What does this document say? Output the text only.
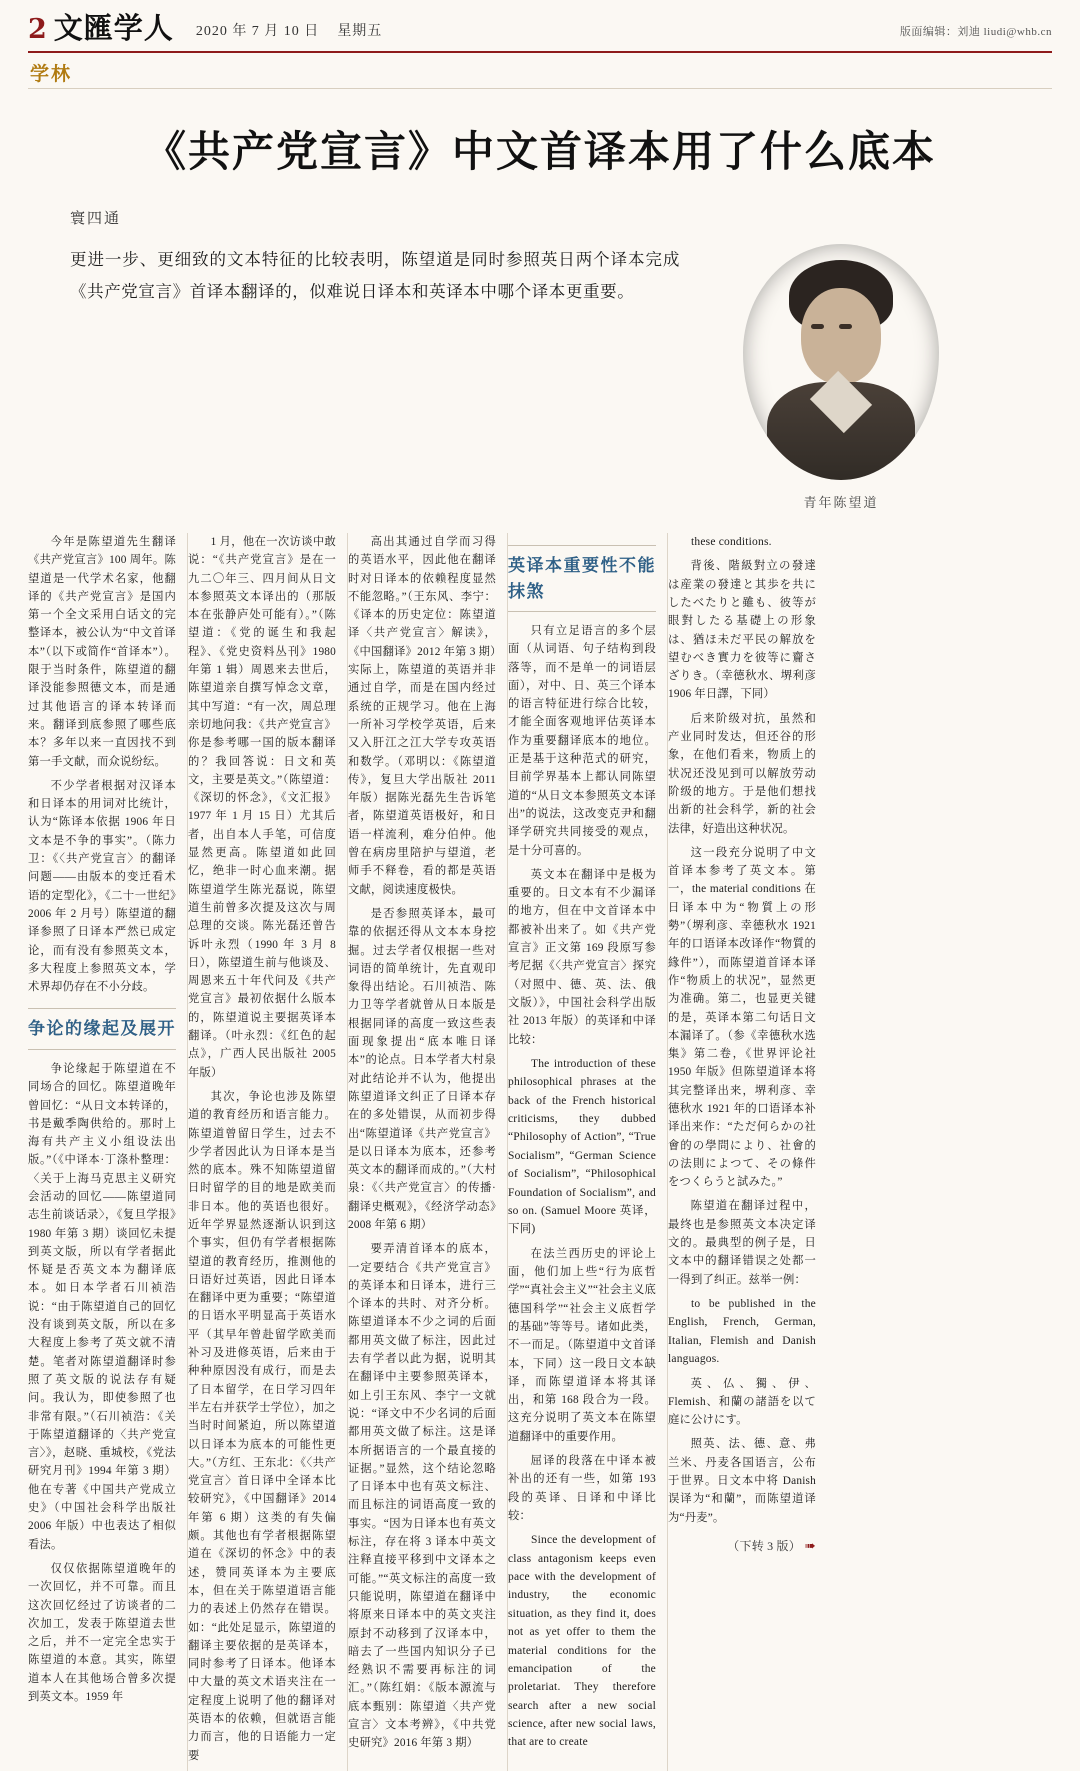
2 文匯学人 2020 年 7 月 10 日 星期五	版面编辑：刘迪 liudi@whb.cn
学林
《共产党宣言》中文首译本用了什么底本
寰四通
更进一步、更细致的文本特征的比较表明，陈望道是同时参照英日两个译本完成《共产党宣言》首译本翻译的，似难说日译本和英译本中哪个译本更重要。
青年陈望道

今年是陈望道先生翻译《共产党宣言》100 周年。陈望道是一代学术名家，他翻译的《共产党宣言》是国内第一个全文采用白话文的完整译本，被公认为“中文首译本”（以下或简作“首译本”）。限于当时条件，陈望道的翻译没能参照德文本，而是通过其他语言的译本转译而来。翻译到底参照了哪些底本？多年以来一直因找不到第一手文献，而众说纷纭。

不少学者根据对汉译本和日译本的用词对比统计，认为“陈译本依据 1906 年日文本是不争的事实”。（陈力卫：《〈共产党宣言〉的翻译问题——由版本的变迁看术语的定型化》，《二十一世纪》2006 年 2 月号）陈望道的翻译参照了日译本严然已成定论，而有没有参照英文本，多大程度上参照英文本，学术界却仍存在不小分歧。

争论的缘起及展开

争论缘起于陈望道在不同场合的回忆。陈望道晚年曾回忆：“从日文本转译的，书是戴季陶供给的。那时上海有共产主义小组设法出版。”（《中译本·丁涤朴整理：〈关于上海马克思主义研究会活动的回忆——陈望道同志生前谈话录〉，《复旦学报》1980 年第 3 期）谈回忆未提到英文版，所以有学者据此怀疑是否英文本为翻译底本。如日本学者石川祯浩说：“由于陈望道自己的回忆没有谈到英文版，所以在多大程度上参考了英文就不清楚。笔者对陈望道翻译时参照了英文版的说法存有疑问。我认为，即使参照了也非常有限。”（石川祯浩：《关于陈望道翻译的〈共产党宣言〉》，赵晓、重城校，《党法研究月刊》1994 年第 3 期）他在专著《中国共产党成立史》（中国社会科学出版社 2006 年版）中也表达了相似看法。

仅仅依据陈望道晚年的一次回忆，并不可靠。而且这次回忆经过了访谈者的二次加工，发表于陈望道去世之后，并不一定完全忠实于陈望道的本意。其实，陈望道本人在其他场合曾多次提到英文本。1959 年

1 月，他在一次访谈中敢说：“《共产党宣言》是在一九二〇年三、四月间从日文本参照英文本译出的（那版本在张静庐处可能有）。”（陈望道：《党的诞生和我起程》、《党史资料丛刊》1980 年第 1 辑）周恩来去世后，陈望道亲自撰写悼念文章，其中写道：“有一次，周总理亲切地问我：《共产党宣言》你是参考哪一国的版本翻译的？我回答说：日文和英文，主要是英文。”（陈望道：《深切的怀念》，《文汇报》1977 年 1 月 15 日）尤其后者，出自本人手笔，可信度显然更高。陈望道如此回忆，绝非一时心血来潮。据陈望道学生陈光磊说，陈望道生前曾多次提及这次与周总理的交谈。陈光磊还曾告诉叶永烈（1990 年 3 月 8 日），陈望道生前与他谈及、周恩来五十年代问及《共产党宣言》最初依据什么版本的，陈望道说主要据英译本翻译。（叶永烈：《红色的起点》，广西人民出版社 2005 年版）

其次，争论也涉及陈望道的教育经历和语言能力。陈望道曾留日学生，过去不少学者因此认为日译本是当然的底本。殊不知陈望道留日时留学的目的地是欧美而非日本。他的英语也很好。近年学界显然逐渐认识到这个事实，但仍有学者根据陈望道的教育经历，推测他的日语好过英语，因此日译本在翻译中更为重要；“陈望道的日语水平明显高于英语水平（其早年曾赴留学欧美而补习及进修英语，后来由于种种原因没有成行，而是去了日本留学，在日学习四年半左右并获学士学位），加之当时时间紧迫，所以陈望道以日译本为底本的可能性更大。”（方红、王东北：《〈共产党宣言〉首日译中全译本比较研究》，《中国翻译》2014 年第 6 期）这类的有失偏颇。其他也有学者根据陈望道在《深切的怀念》中的表述，赞同英译本为主要底本，但在关于陈望道语言能力的表述上仍然存在错误。如：“此处足显示，陈望道的翻译主要依据的是英译本，同时参考了日译本。他译本中大量的英文术语夹注在一定程度上说明了他的翻译对英语本的依赖，但就语言能力而言，他的日语能力一定要

高出其通过自学而习得的英语水平，因此他在翻译时对日译本的依赖程度显然不能忽略。”（王东风、李宁：《译本的历史定位：陈望道译〈共产党宣言〉解读》，《中国翻译》2012 年第 3 期）实际上，陈望道的英语并非通过自学，而是在国内经过系统的正规学习。他在上海一所补习学校学英语，后来又入肝江之江大学专攻英语和数学。（邓明以：《陈望道传》，复旦大学出版社 2011 年版）据陈光磊先生告诉笔者，陈望道英语极好，和日语一样流利，难分伯仲。他曾在病房里陪护与望道，老师手不释卷，看的都是英语文献，阅读速度极快。

是否参照英译本，最可靠的依据还得从文本本身挖掘。过去学者仅根据一些对词语的简单统计，先直观印象得出结论。石川祯浩、陈力卫等学者就曾从日本版是根据同译的高度一致这些表面现象提出“底本唯日译本”的论点。日本学者大村泉对此结论并不认为，他提出陈望道译文纠正了日译本存在的多处错误，从而初步得出“陈望道译《共产党宣言》是以日译本为底本，还参考英文本的翻译而成的。”（大村泉：《〈共产党宣言〉的传播·翻译史概观》，《经济学动态》2008 年第 6 期）

要弄清首译本的底本，一定要结合《共产党宣言》的英译本和日译本，进行三个译本的共时、对齐分析。陈望道译本不少之词的后面都用英文做了标注，因此过去有学者以此为据，说明其在翻译中主要参照英译本，如上引王东风、李宁一文就说：“译文中不少名词的后面都用英文做了标注。这是译本所据语言的一个最直接的证据。”显然，这个结论忽略了日译本中也有英文标注、而且标注的词语高度一致的事实。“因为日译本也有英文标注，存在将 3 译本中英文注释直接平移到中文译本之可能。”“英文标注的高度一致只能说明，陈望道在翻译中将原来日译本中的英文夹注原封不动移到了汉译本中，暗去了一些国内知识分子已经熟识不需要再标注的词汇。”（陈红娟：《版本源流与底本甄别：陈望道〈共产党宣言〉文本考辨》，《中共党史研究》2016 年第 3 期）

英译本重要性不能抹煞

只有立足语言的多个层面（从词语、句子结构到段落等，而不是单一的词语层面），对中、日、英三个译本的语言特征进行综合比较，才能全面客观地评估英译本作为重要翻译底本的地位。正是基于这种范式的研究，目前学界基本上都认同陈望道的“从日文本参照英文本译出”的说法，这改变克尹和翻译学研究共同接受的观点，是十分可喜的。

英文本在翻译中是极为重要的。日文本有不少漏译的地方，但在中文首译本中都被补出来了。如《共产党宣言》正文第 169 段原写参考尼据《〈共产党宣言〉探究（对照中、德、英、法、俄文版）》，中国社会科学出版社 2013 年版）的英译和中译比较：

The introduction of these philosophical phrases at the back of the French historical criticisms, they dubbed “Philosophy of Action”, “True Socialism”, “German Science of Socialism”, “Philosophical Foundation of Socialism”, and so on. (Samuel Moore 英译，下同)

在法兰西历史的评论上面，他们加上些“行为底哲学”“真社会主义”“社会主义底德国科学”“社会主义底哲学的基础”等等号。诸如此类，不一而足。（陈望道中文首译本，下同）这一段日文本缺译，而陈望道译本将其译出，和第 168 段合为一段。这充分说明了英文本在陈望道翻译中的重要作用。

屈译的段落在中译本被补出的还有一些，如第 193 段的英译、日译和中译比较：

Since the development of class antagonism keeps even pace with the development of industry, the economic situation, as they find it, does not as yet offer to them the material conditions for the emancipation of the proletariat. They therefore search after a new social science, after new social laws, that are to create

these conditions.

背後、階級對立の發達は産業の發達と其歩を共にしたべたりと雖も、彼等が眼對したる基礎上の形象は、猶ほ未だ平民の解放を望むべき實力を彼等に齎さざりき。（幸德秋水、堺利彦 1906 年日譯，下同）

后来阶级对抗，虽然和产业同时发达，但还谷的形象，在他们看来，物质上的状况还没见到可以解放劳动阶级的地方。于是他们想找出新的社会科学，新的社会法律，好造出这种状况。

这一段充分说明了中文首译本参考了英文本。第一，the material conditions 在日译本中为“物質上の形勢”（堺利彦、幸德秋水 1921 年的口语译本改译作“物質的緣件”），而陈望道首译本译作“物质上的状况”，显然更为准确。第二，也显更关键的是，英译本第二句话日文本漏译了。（参《幸德秋水选集》第二卷，《世界评论社 1950 年版》但陈望道译本将其完整译出来，堺利彦、幸德秋水 1921 年的口语译本补译出来作：“ただ何らかの社會的の學問により、社會的の法則によつて、その條件をつくらうと試みた。”

陈望道在翻译过程中，最终也是参照英文本决定译文的。最典型的例子是，日文本中的翻译错误之处都一一得到了纠正。兹举一例：

to be published in the English, French, German, Italian, Flemish and Danish languagos.

英、仏、獨、伊、Flemish、和蘭の諸語を以て庭に公けにす。

照英、法、德、意、弗兰米、丹麦各国语言，公布于世界。日文本中将 Danish 误译为“和蘭”，而陈望道译为“丹麦”。

（下转 3 版） ➠
